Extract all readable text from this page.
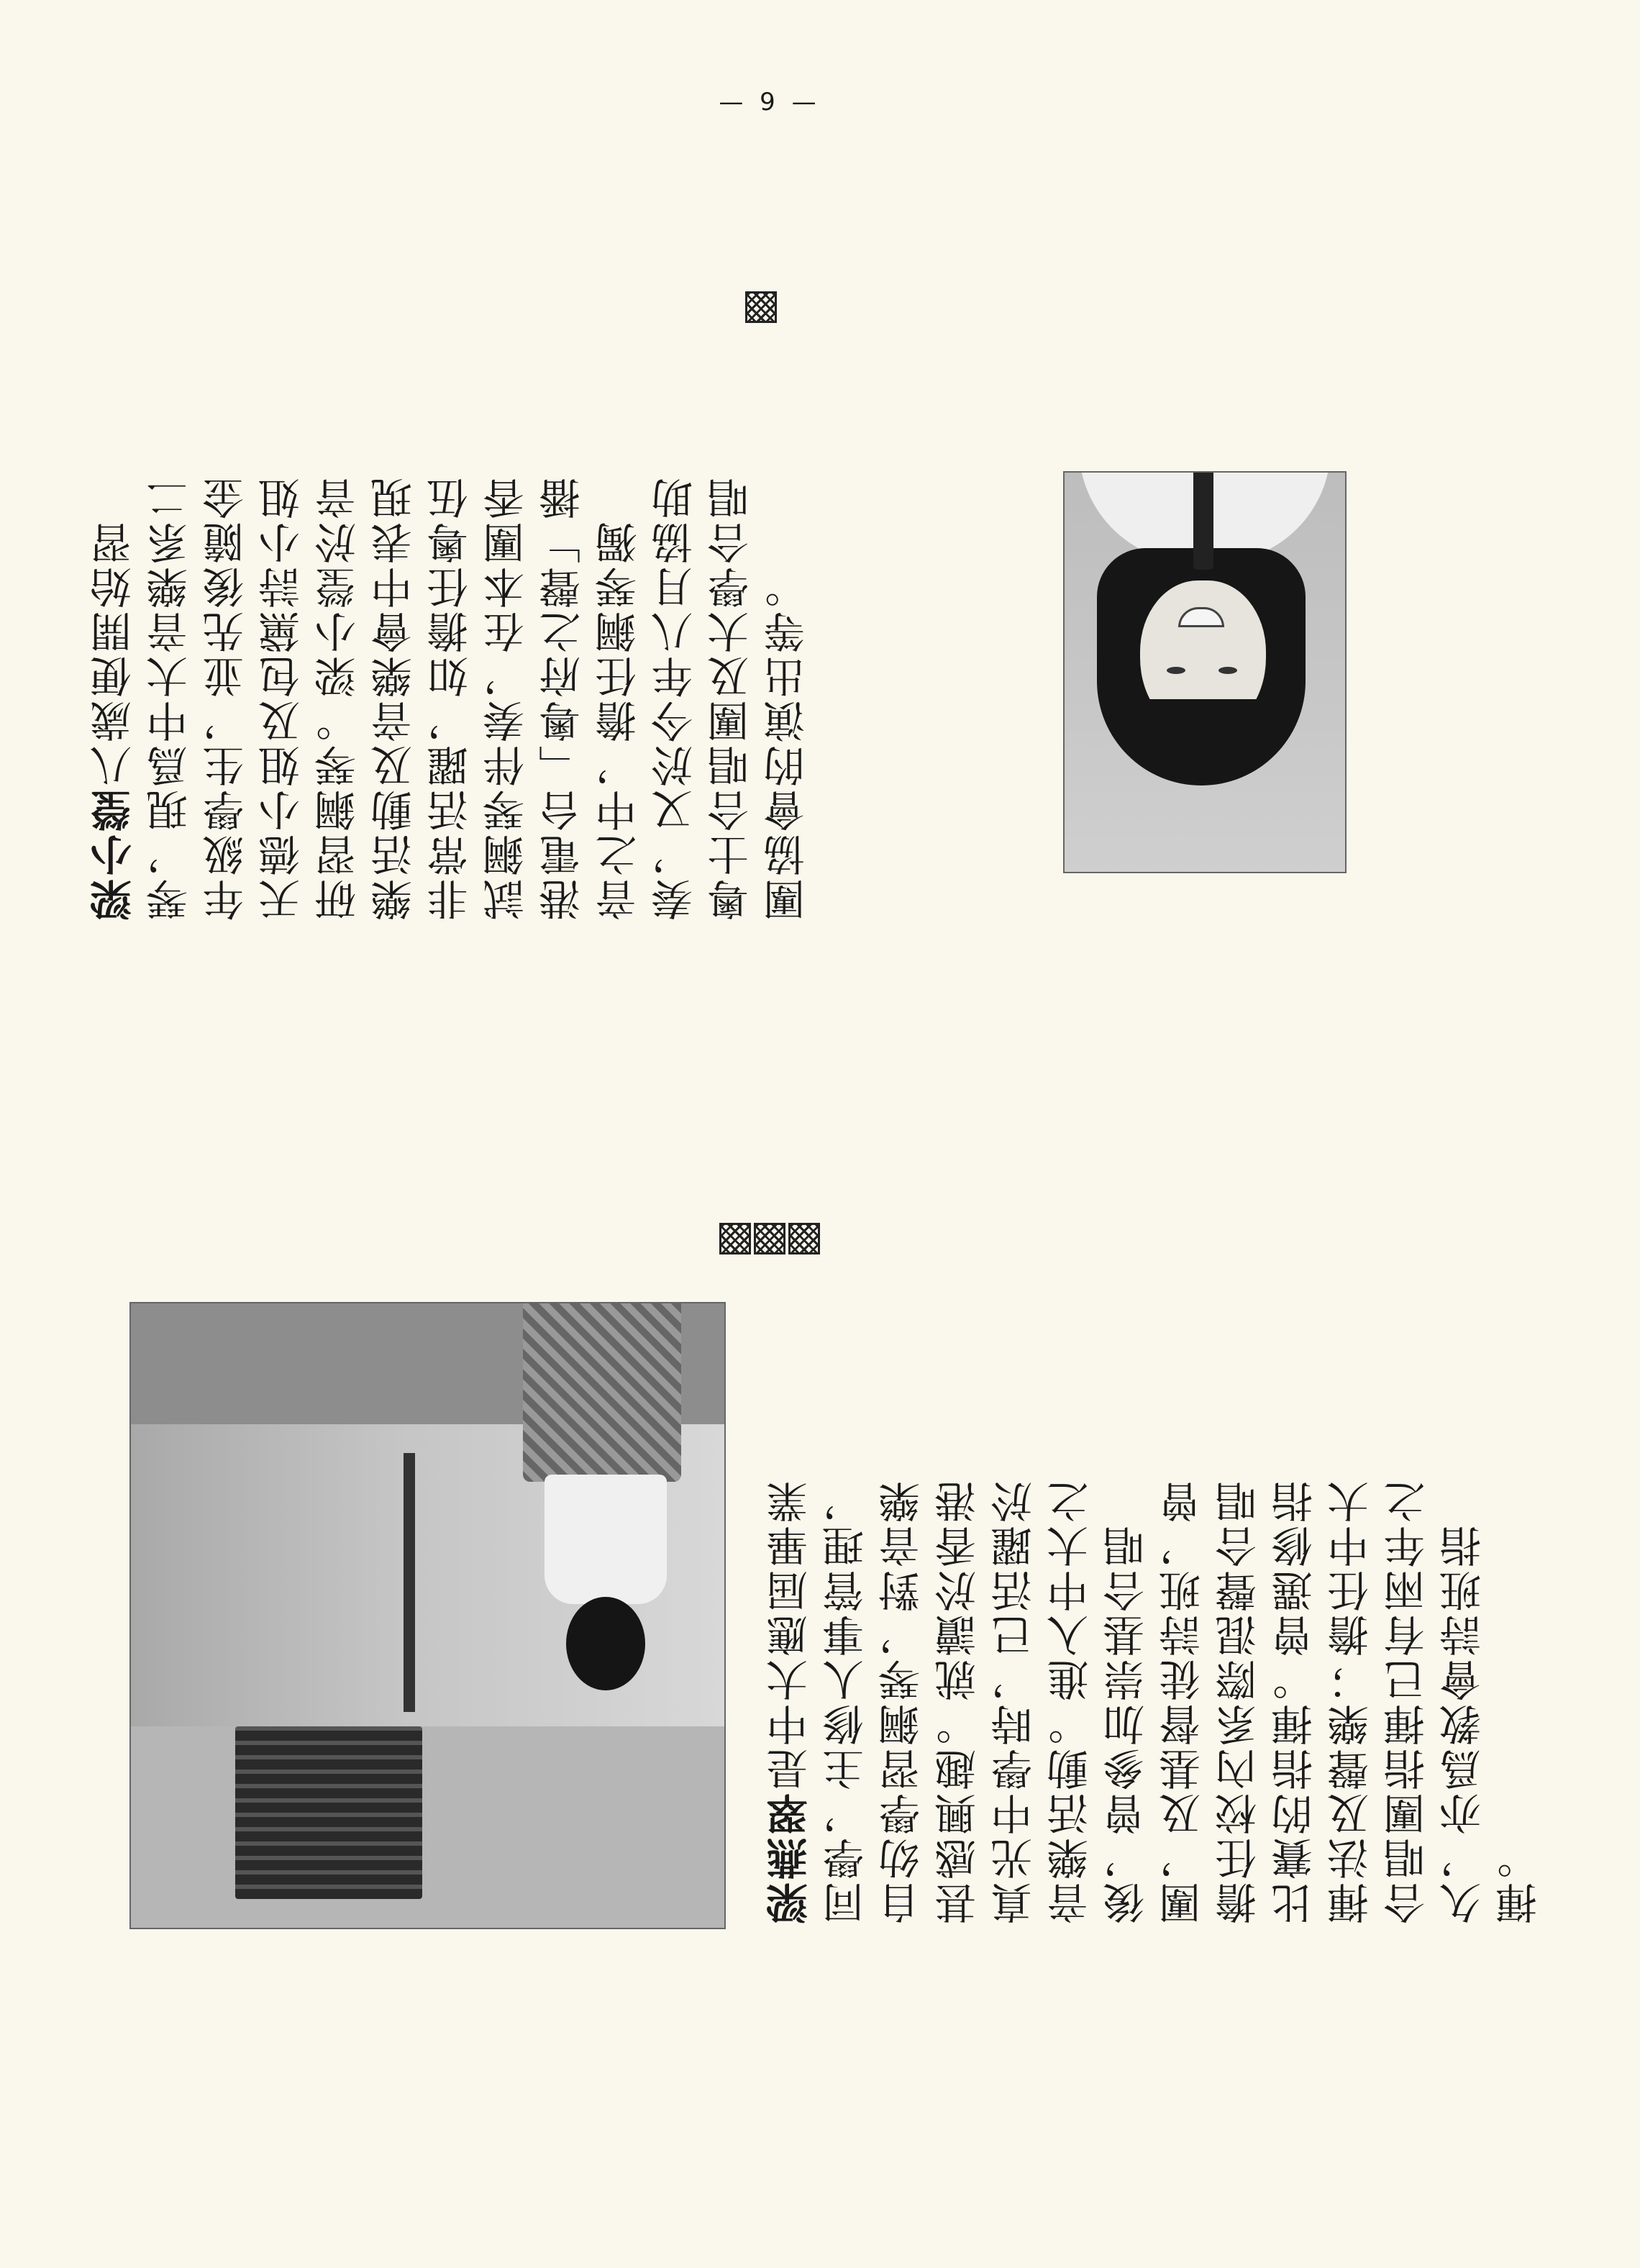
— 9 —
梁小瑩八歲便開始習琴，現爲中大音樂系二年級學生，並先後隨金天德小姐及包黛詩小姐研習鋼琴。梁小瑩於音樂活動及音樂會中表現非常活躍，如擔任粵伍試鋼琴伴奏，在本團香港電台「粵府之聲」播音之中，擔任鋼琴獨奏，又於今年八月協助粵士合唱團及大學合唱團協會的演出等。
梁燕翠是中大應屆畢業同學，主修人事管理，自幼學習鋼琴，對音樂甚感興趣。就讀於香港真光中學時，已活躍於音樂活動。進入中大之後，曾參加崇基合唱團，及基督徒詩班，曾擔任校內系際混聲合唱比賽的指揮。曾選修指揮法及聲樂；擔任中大合唱團指揮已有兩年之久，亦爲教會詩班指揮。
